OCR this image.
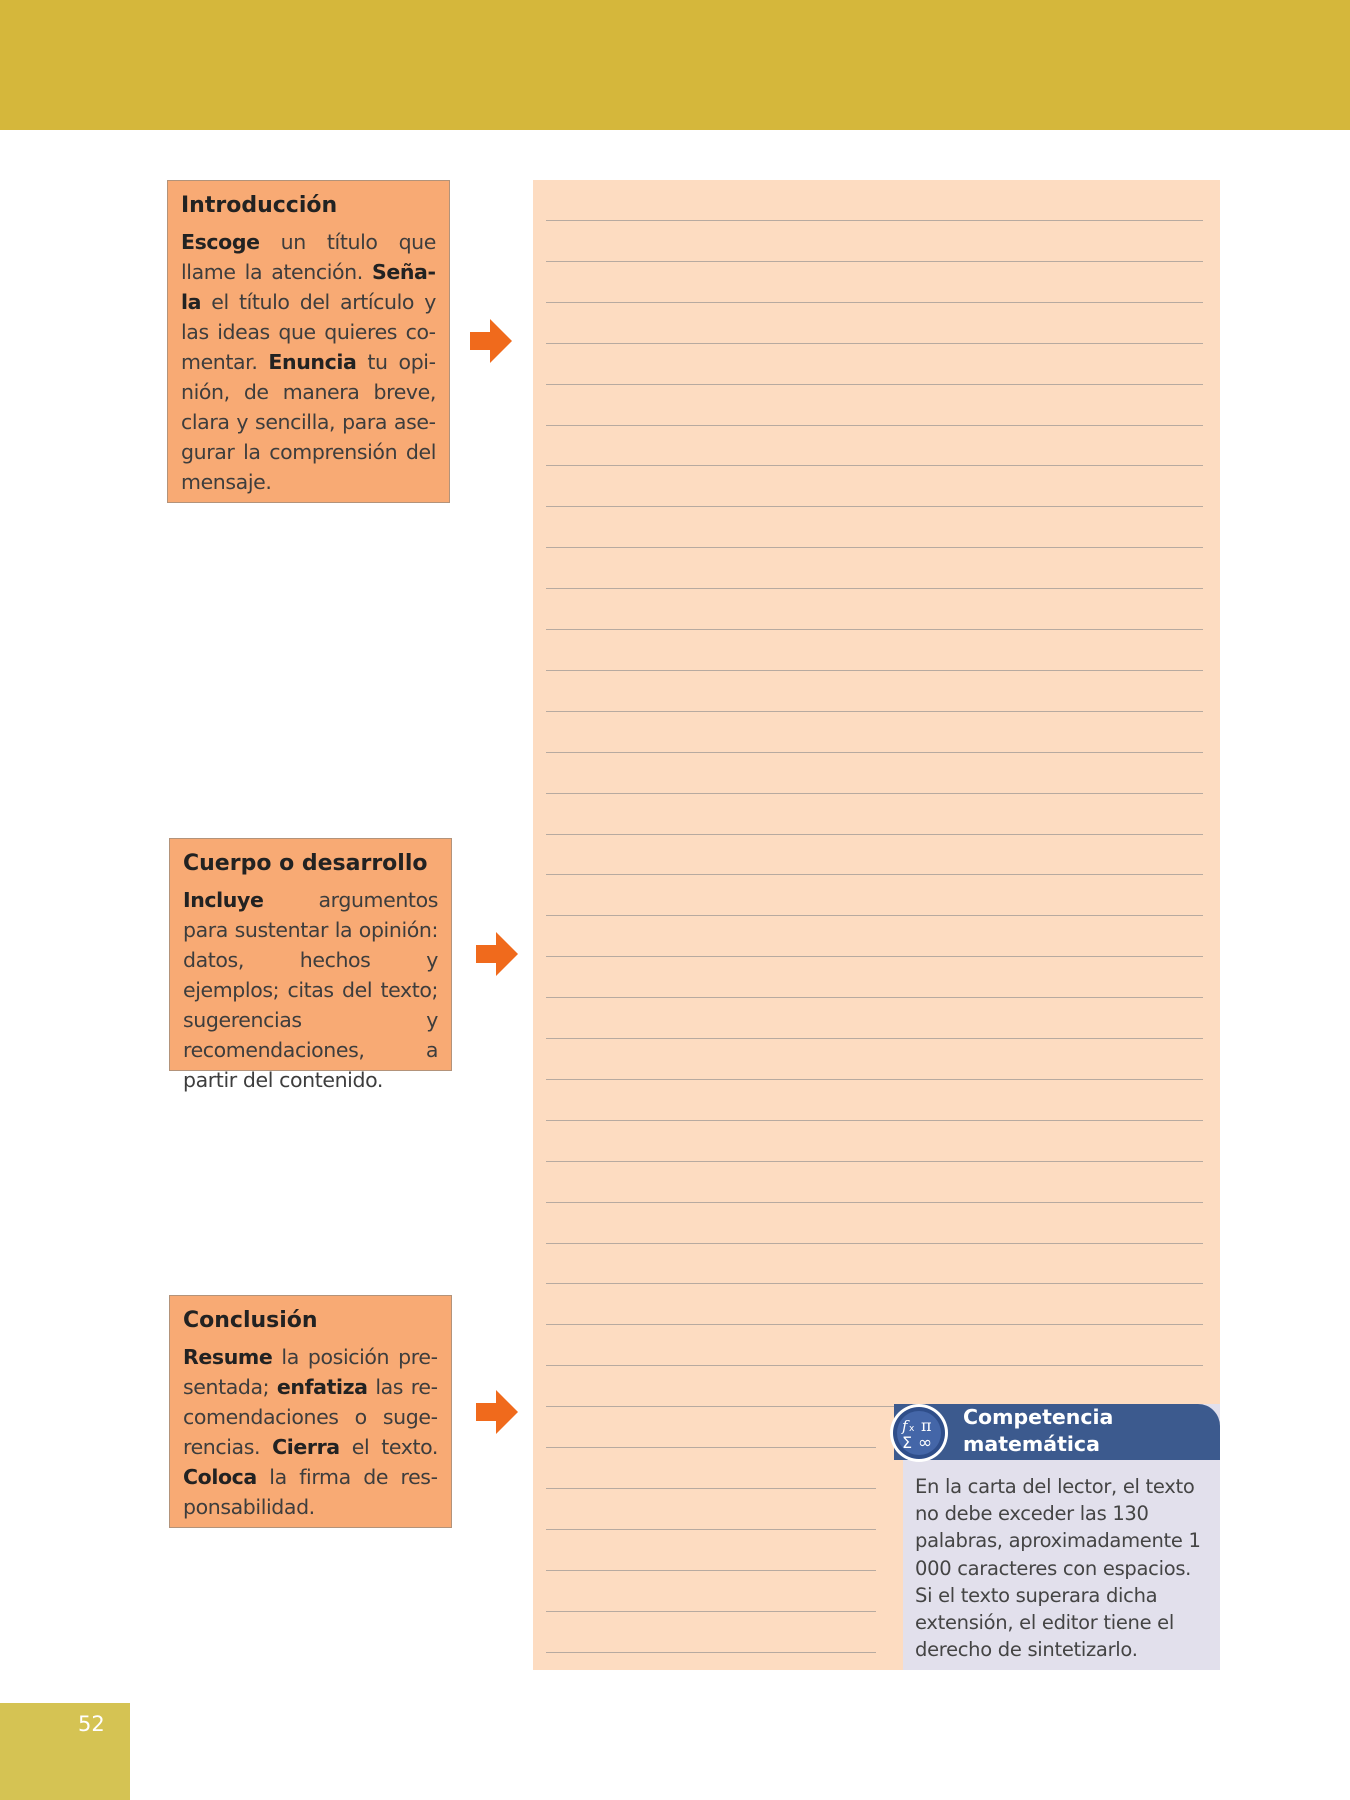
Introducción

Escoge un título que llame la atención. Señala el título del artículo y las ideas que quieres comentar. Enuncia tu opinión, de manera breve, clara y sencilla, para asegurar la comprensión del mensaje.

Cuerpo o desarrollo

Incluye argumentos para sustentar la opinión: datos, hechos y ejemplos; citas del texto; sugerencias y recomendaciones, a partir del contenido.

Conclusión

Resume la posición presentada; enfatiza las recomendaciones o sugerencias. Cierra el texto. Coloca la firma de responsabilidad.

f x π
Σ ∞
Competencia
matemática

En la carta del lector, el texto no debe exceder las 130 palabras, aproximadamente 1 000 caracteres con espacios. Si el texto superara dicha extensión, el editor tiene el derecho de sintetizarlo.

52
